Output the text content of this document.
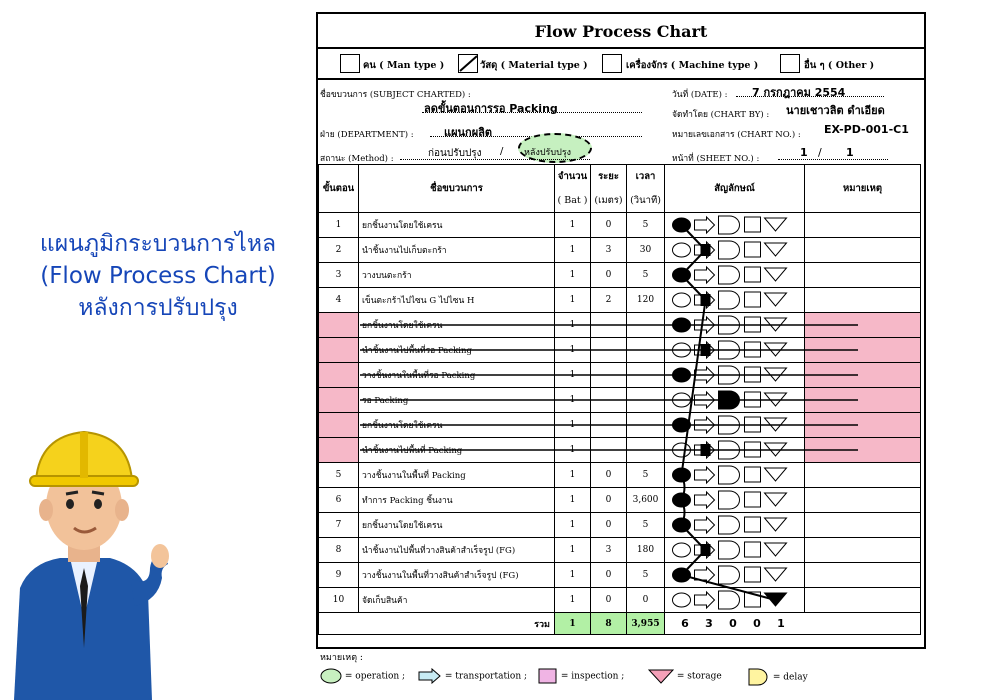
แผนภูมิกระบวนการไหล
(Flow Process Chart)
หลังการปรับปรุง
Flow Process Chart
คน ( Man type )	วัสดุ ( Material type )	เครื่องจักร ( Machine type )	อื่น ๆ ( Other )
ชื่อขบวนการ (SUBJECT CHARTED) :
ลดขั้นตอนการรอ Packing
ฝ่าย (DEPARTMENT) :	แผนกผลิต
สถานะ (Method) :	ก่อนปรับปรุง / หลังปรับปรุง
วันที่ (DATE) : 7 กรกฎาคม 2554
จัดทำโดย (CHART BY) : นายเชาวลิต ดำเอียด
หมายเลขเอกสาร (CHART NO.) : EX-PD-001-C1
หน้าที่ (SHEET NO.) :	1 / 1
ขั้นตอน	ชื่อขบวนการ	จำนวน	ระยะ	เวลา	สัญลักษณ์	หมายเหตุ
		( Bat )	(เมตร)	(วินาที)		
1	ยกชิ้นงานโดยใช้เครน	1	0	5		
2	นำชิ้นงานไปเก็บตะกร้า	1	3	30		
3	วางบนตะกร้า	1	0	5		
4	เข็นตะกร้าไปไซน G ไปไซน H	1	2	120		
	ยกชิ้นงานโดยใช้เครน	1				
	นำชิ้นงานไปพื้นที่รอ Packing	1				
	วางชิ้นงานในพื้นที่รอ Packing	1				
	รอ Packing	1				
	ยกชิ้นงานโดยใช้เครน	1				
	นำชิ้นงานไปพื้นที่ Packing	1				
5	วางชิ้นงานในพื้นที่ Packing	1	0	5		
6	ทำการ Packing ชิ้นงาน	1	0	3,600		
7	ยกชิ้นงานโดยใช้เครน	1	0	5		
8	นำชิ้นงานไปพื้นที่วางสินค้าสำเร็จรูป (FG)	1	3	180		
9	วางชิ้นงานในพื้นที่วางสินค้าสำเร็จรูป (FG)	1	0	5		
10	จัดเก็บสินค้า	1	0	0		
รวม		1	8	3,955	6 3 0 0 1	
หมายเหตุ :
= operation ;	= transportation ;	= inspection ;	= storage	= delay
